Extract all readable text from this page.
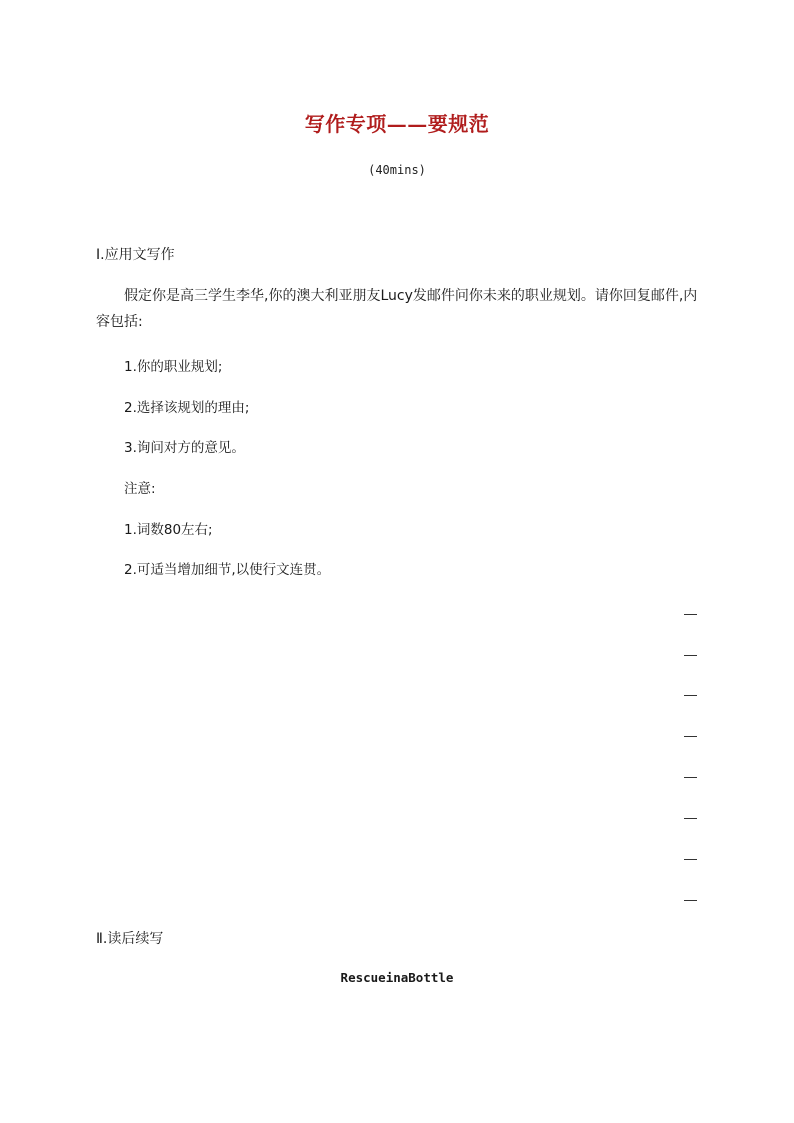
写作专项——要规范
(40mins)
Ⅰ.应用文写作
假定你是高三学生李华,你的澳大利亚朋友Lucy发邮件问你未来的职业规划。请你回复邮件,内容包括:
1.你的职业规划;
2.选择该规划的理由;
3.询问对方的意见。
注意:
1.词数80左右;
2.可适当增加细节,以使行文连贯。
Ⅱ.读后续写
RescueinaBottle
